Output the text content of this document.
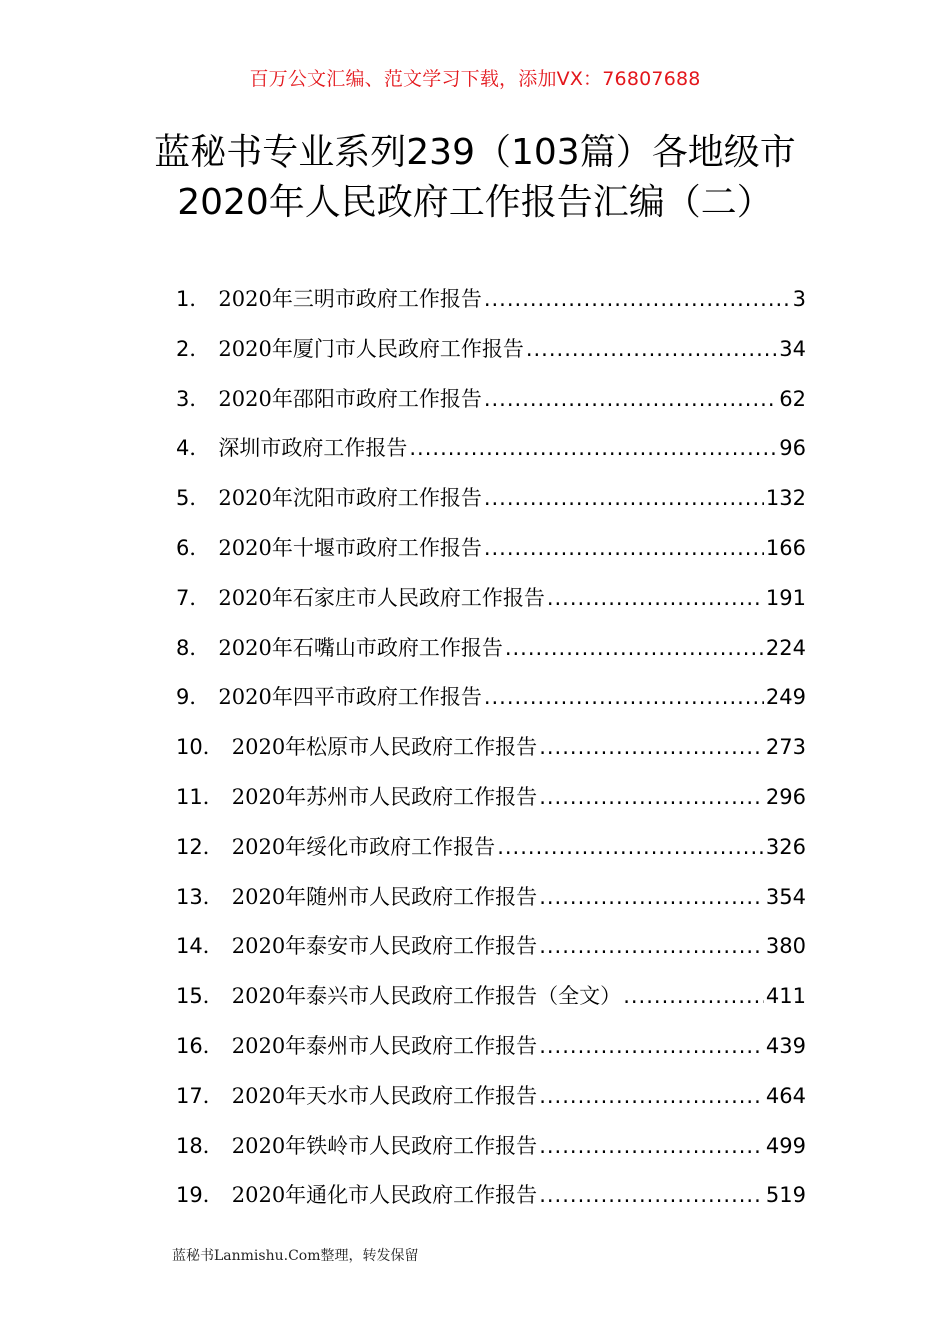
百万公文汇编、范文学习下载，添加VX：76807688
蓝秘书专业系列239（103篇）各地级市
2020年人民政府工作报告汇编（二）
1． 2020年三明市政府工作报告 .....	3
2． 2020年厦门市人民政府工作报告 .....	34
3． 2020年邵阳市政府工作报告 .....	62
4． 深圳市政府工作报告 .....	96
5． 2020年沈阳市政府工作报告 .....	132
6． 2020年十堰市政府工作报告 .....	166
7． 2020年石家庄市人民政府工作报告 .....	191
8． 2020年石嘴山市政府工作报告 .....	224
9． 2020年四平市政府工作报告 .....	249
10． 2020年松原市人民政府工作报告 .....	273
11． 2020年苏州市人民政府工作报告 .....	296
12． 2020年绥化市政府工作报告 .....	326
13． 2020年随州市人民政府工作报告 .....	354
14． 2020年泰安市人民政府工作报告 .....	380
15． 2020年泰兴市人民政府工作报告（全文） .....	411
16． 2020年泰州市人民政府工作报告 .....	439
17． 2020年天水市人民政府工作报告 .....	464
18． 2020年铁岭市人民政府工作报告 .....	499
19． 2020年通化市人民政府工作报告 .....	519
蓝秘书Lanmishu.Com整理，转发保留
